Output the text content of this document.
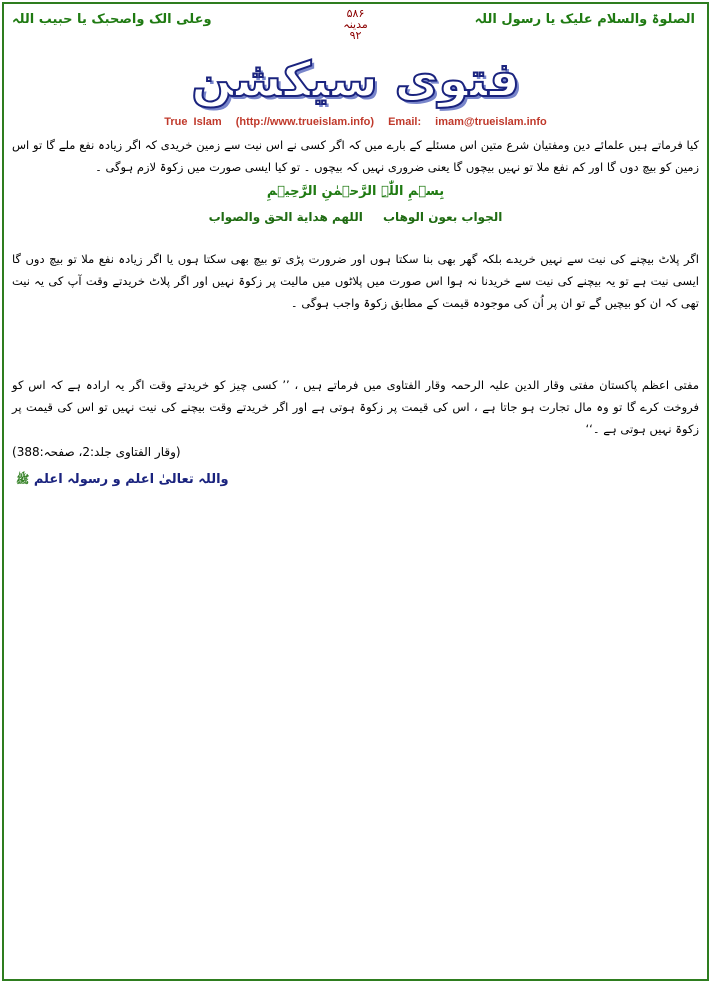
الصلوۃ والسلام علیک یا رسول اللہ
۵۸۶
مدینہ
۹۲
وعلی الک واصحبک یا حبیب اللہ
فتوی سیکشن
True Islam (http://www.trueislam.info) Email: imam@trueislam.info
کیا فرماتے ہیں علمائے دین ومفتیان شرع متین اس مسئلے کے بارے میں کہ اگر کسی نے اس نیت سے زمین خریدی کہ اگر زیادہ نفع ملے گا تو اس زمین کو بیچ دوں گا اور کم نفع ملا تو نہیں بیچوں گا یعنی ضروری نہیں کہ بیچوں ۔ تو کیا ایسی صورت میں زکوۃ لازم ہوگی ۔
بِسۡمِ اللّٰہِ الرَّحۡمٰنِ الرَّحِیۡمِ
الجواب بعون الوهاب اللهم هداية الحق والصواب
اگر پلاٹ بیچنے کی نیت سے نہیں خریدے بلکہ گھر بھی بنا سکتا ہوں اور ضرورت پڑی تو بیچ بھی سکتا ہوں یا اگر زیادہ نفع ملا تو بیچ دوں گا ایسی نیت ہے تو یہ بیچنے کی نیت سے خریدنا نہ ہوا اس صورت میں پلاٹوں میں مالیت پر زکوۃ نہیں اور اگر پلاٹ خریدتے وقت آپ کی یہ نیت تھی کہ ان کو بیچیں گے تو ان پر اُن کی موجودہ قیمت کے مطابق زکوۃ واجب ہوگی ۔
مفتی اعظم پاکستان مفتی وقار الدین علیہ الرحمہ وقار الفتاوی میں فرماتے ہیں ، ’’ کسی چیز کو خریدتے وقت اگر یہ ارادہ ہے کہ اس کو فروخت کرے گا تو وہ مال تجارت ہو جاتا ہے ، اس کی قیمت پر زکوۃ ہوتی ہے اور اگر خریدتے وقت بیچنے کی نیت نہیں تو اس کی قیمت پر زکوۃ نہیں ہوتی ہے ۔‘‘
(وقار الفتاوی جلد:2، صفحہ:388)
واللہ تعالیٰ اعلم و رسولہ اعلم ﷺ
